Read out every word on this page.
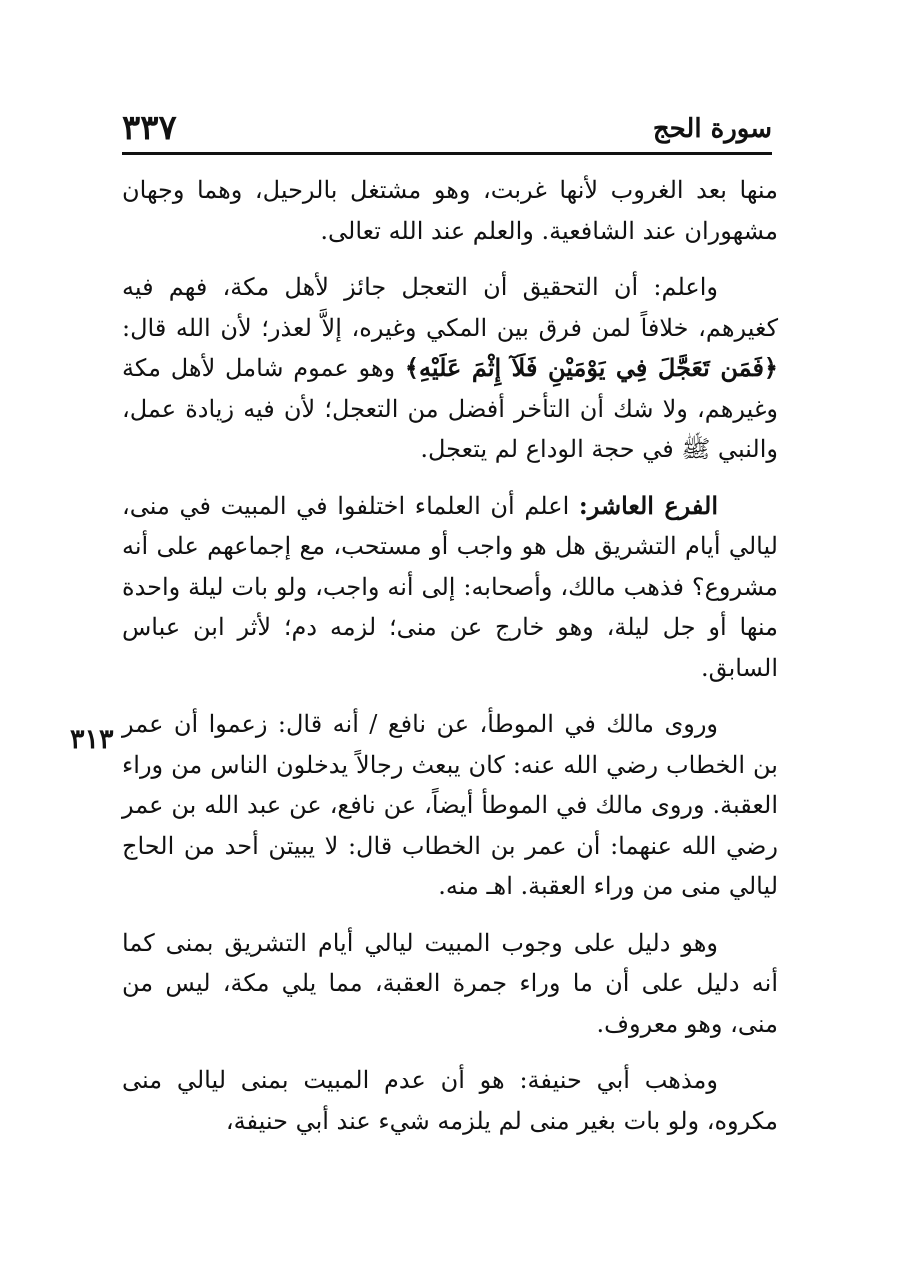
٣٣٧	سورة الحج
٣١٣

منها بعد الغروب لأنها غربت، وهو مشتغل بالرحيل، وهما وجهان مشهوران عند الشافعية. والعلم عند الله تعالى.

واعلم: أن التحقيق أن التعجل جائز لأهل مكة، فهم فيه كغيرهم، خلافاً لمن فرق بين المكي وغيره، إلاَّ لعذر؛ لأن الله قال: ﴿فَمَن تَعَجَّلَ فِي يَوْمَيْنِ فَلَآ إِثْمَ عَلَيْهِ﴾ وهو عموم شامل لأهل مكة وغيرهم، ولا شك أن التأخر أفضل من التعجل؛ لأن فيه زيادة عمل، والنبي ﷺ في حجة الوداع لم يتعجل.

الفرع العاشر: اعلم أن العلماء اختلفوا في المبيت في منى، ليالي أيام التشريق هل هو واجب أو مستحب، مع إجماعهم على أنه مشروع؟ فذهب مالك، وأصحابه: إلى أنه واجب، ولو بات ليلة واحدة منها أو جل ليلة، وهو خارج عن منى؛ لزمه دم؛ لأثر ابن عباس السابق.

وروى مالك في الموطأ، عن نافع / أنه قال: زعموا أن عمر بن الخطاب رضي الله عنه: كان يبعث رجالاً يدخلون الناس من وراء العقبة. وروى مالك في الموطأ أيضاً، عن نافع، عن عبد الله بن عمر رضي الله عنهما: أن عمر بن الخطاب قال: لا يبيتن أحد من الحاج ليالي منى من وراء العقبة. اهـ منه.

وهو دليل على وجوب المبيت ليالي أيام التشريق بمنى كما أنه دليل على أن ما وراء جمرة العقبة، مما يلي مكة، ليس من منى، وهو معروف.

ومذهب أبي حنيفة: هو أن عدم المبيت بمنى ليالي منى مكروه، ولو بات بغير منى لم يلزمه شيء عند أبي حنيفة،
